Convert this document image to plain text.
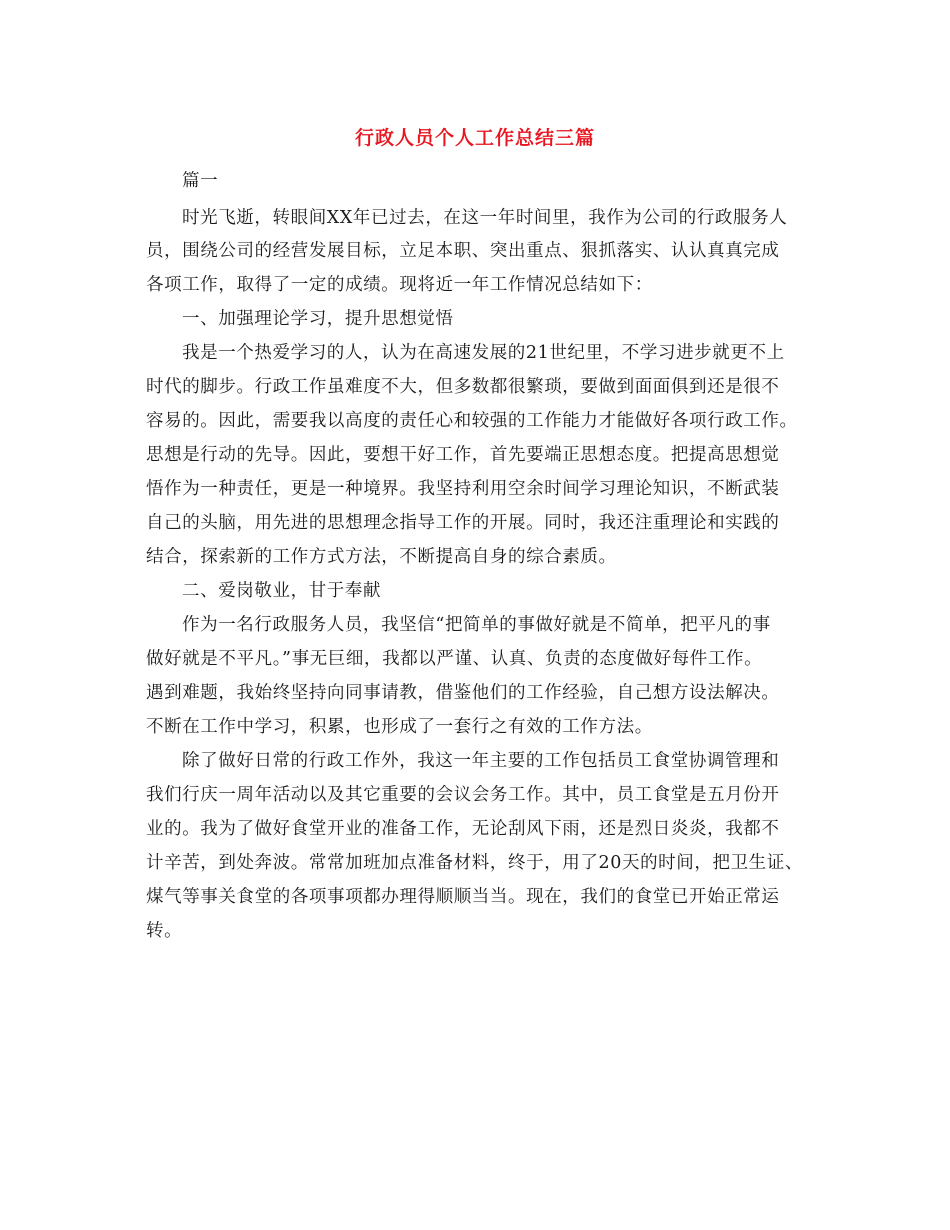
行政人员个人工作总结三篇
篇一
时光飞逝，转眼间XX年已过去，在这一年时间里，我作为公司的行政服务人
员，围绕公司的经营发展目标，立足本职、突出重点、狠抓落实、认认真真完成
各项工作，取得了一定的成绩。现将近一年工作情况总结如下：
一、加强理论学习，提升思想觉悟
我是一个热爱学习的人，认为在高速发展的21世纪里，不学习进步就更不上
时代的脚步。行政工作虽难度不大，但多数都很繁琐，要做到面面俱到还是很不
容易的。因此，需要我以高度的责任心和较强的工作能力才能做好各项行政工作。
思想是行动的先导。因此，要想干好工作，首先要端正思想态度。把提高思想觉
悟作为一种责任，更是一种境界。我坚持利用空余时间学习理论知识，不断武装
自己的头脑，用先进的思想理念指导工作的开展。同时，我还注重理论和实践的
结合，探索新的工作方式方法，不断提高自身的综合素质。
二、爱岗敬业，甘于奉献
作为一名行政服务人员，我坚信“把简单的事做好就是不简单，把平凡的事
做好就是不平凡。”事无巨细，我都以严谨、认真、负责的态度做好每件工作。
遇到难题，我始终坚持向同事请教，借鉴他们的工作经验，自己想方设法解决。
不断在工作中学习，积累，也形成了一套行之有效的工作方法。
除了做好日常的行政工作外，我这一年主要的工作包括员工食堂协调管理和
我们行庆一周年活动以及其它重要的会议会务工作。其中，员工食堂是五月份开
业的。我为了做好食堂开业的准备工作，无论刮风下雨，还是烈日炎炎，我都不
计辛苦，到处奔波。常常加班加点准备材料，终于，用了20天的时间，把卫生证、
煤气等事关食堂的各项事项都办理得顺顺当当。现在，我们的食堂已开始正常运
转。
